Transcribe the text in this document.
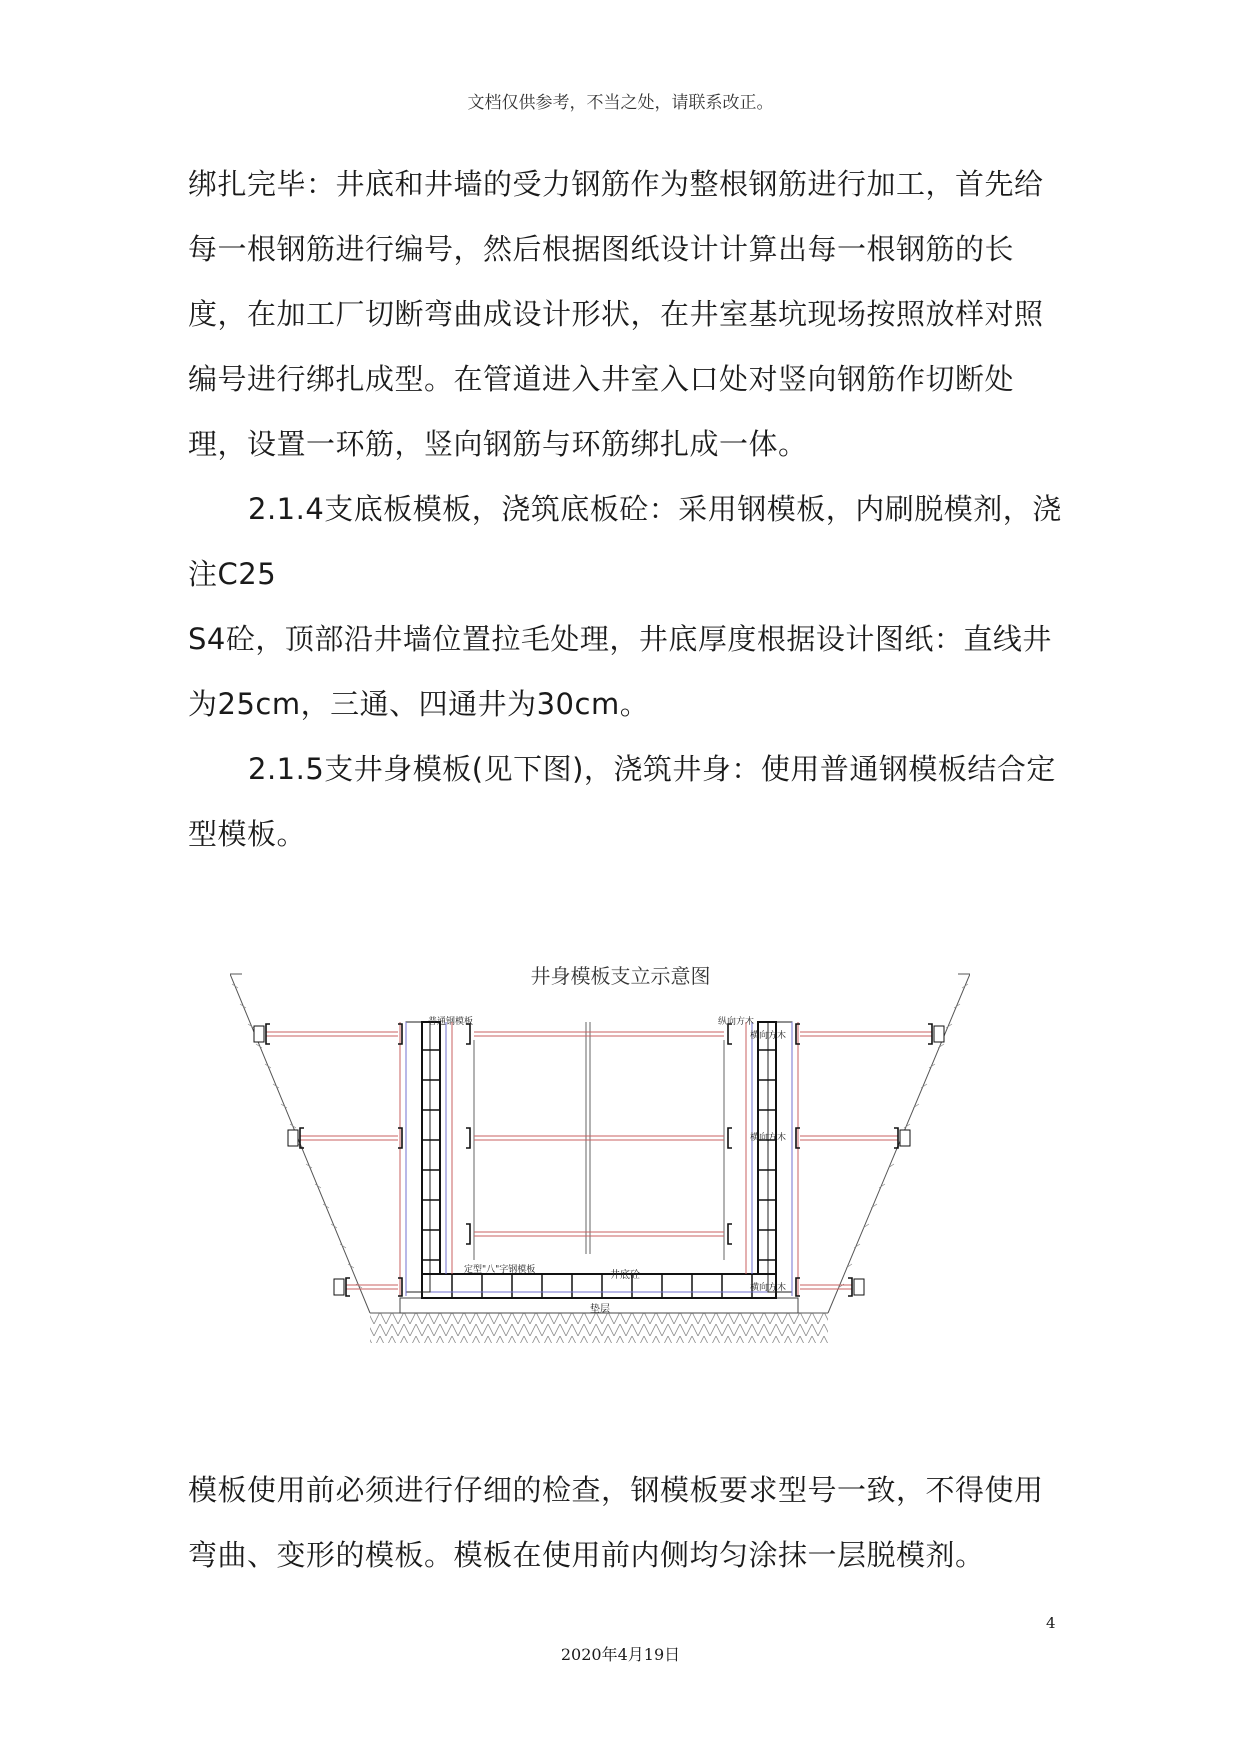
文档仅供参考，不当之处，请联系改正。

绑扎完毕：井底和井墙的受力钢筋作为整根钢筋进行加工，首先给每一根钢筋进行编号，然后根据图纸设计计算出每一根钢筋的长度，在加工厂切断弯曲成设计形状，在井室基坑现场按照放样对照编号进行绑扎成型。在管道进入井室入口处对竖向钢筋作切断处理，设置一环筋，竖向钢筋与环筋绑扎成一体。

2.1.4支底板模板，浇筑底板砼：采用钢模板，内刷脱模剂，浇注C25

S4砼，顶部沿井墙位置拉毛处理，井底厚度根据设计图纸：直线井为25cm，三通、四通井为30cm。

2.1.5支井身模板(见下图)，浇筑井身：使用普通钢模板结合定型模板。

井身模板支立示意图
普通钢模板	纵向方木
横向方木
横向方木
横向方木
定型"八"字钢模板	井底砼
垫层

模板使用前必须进行仔细的检查，钢模板要求型号一致，不得使用弯曲、变形的模板。模板在使用前内侧均匀涂抹一层脱模剂。

4
2020年4月19日
